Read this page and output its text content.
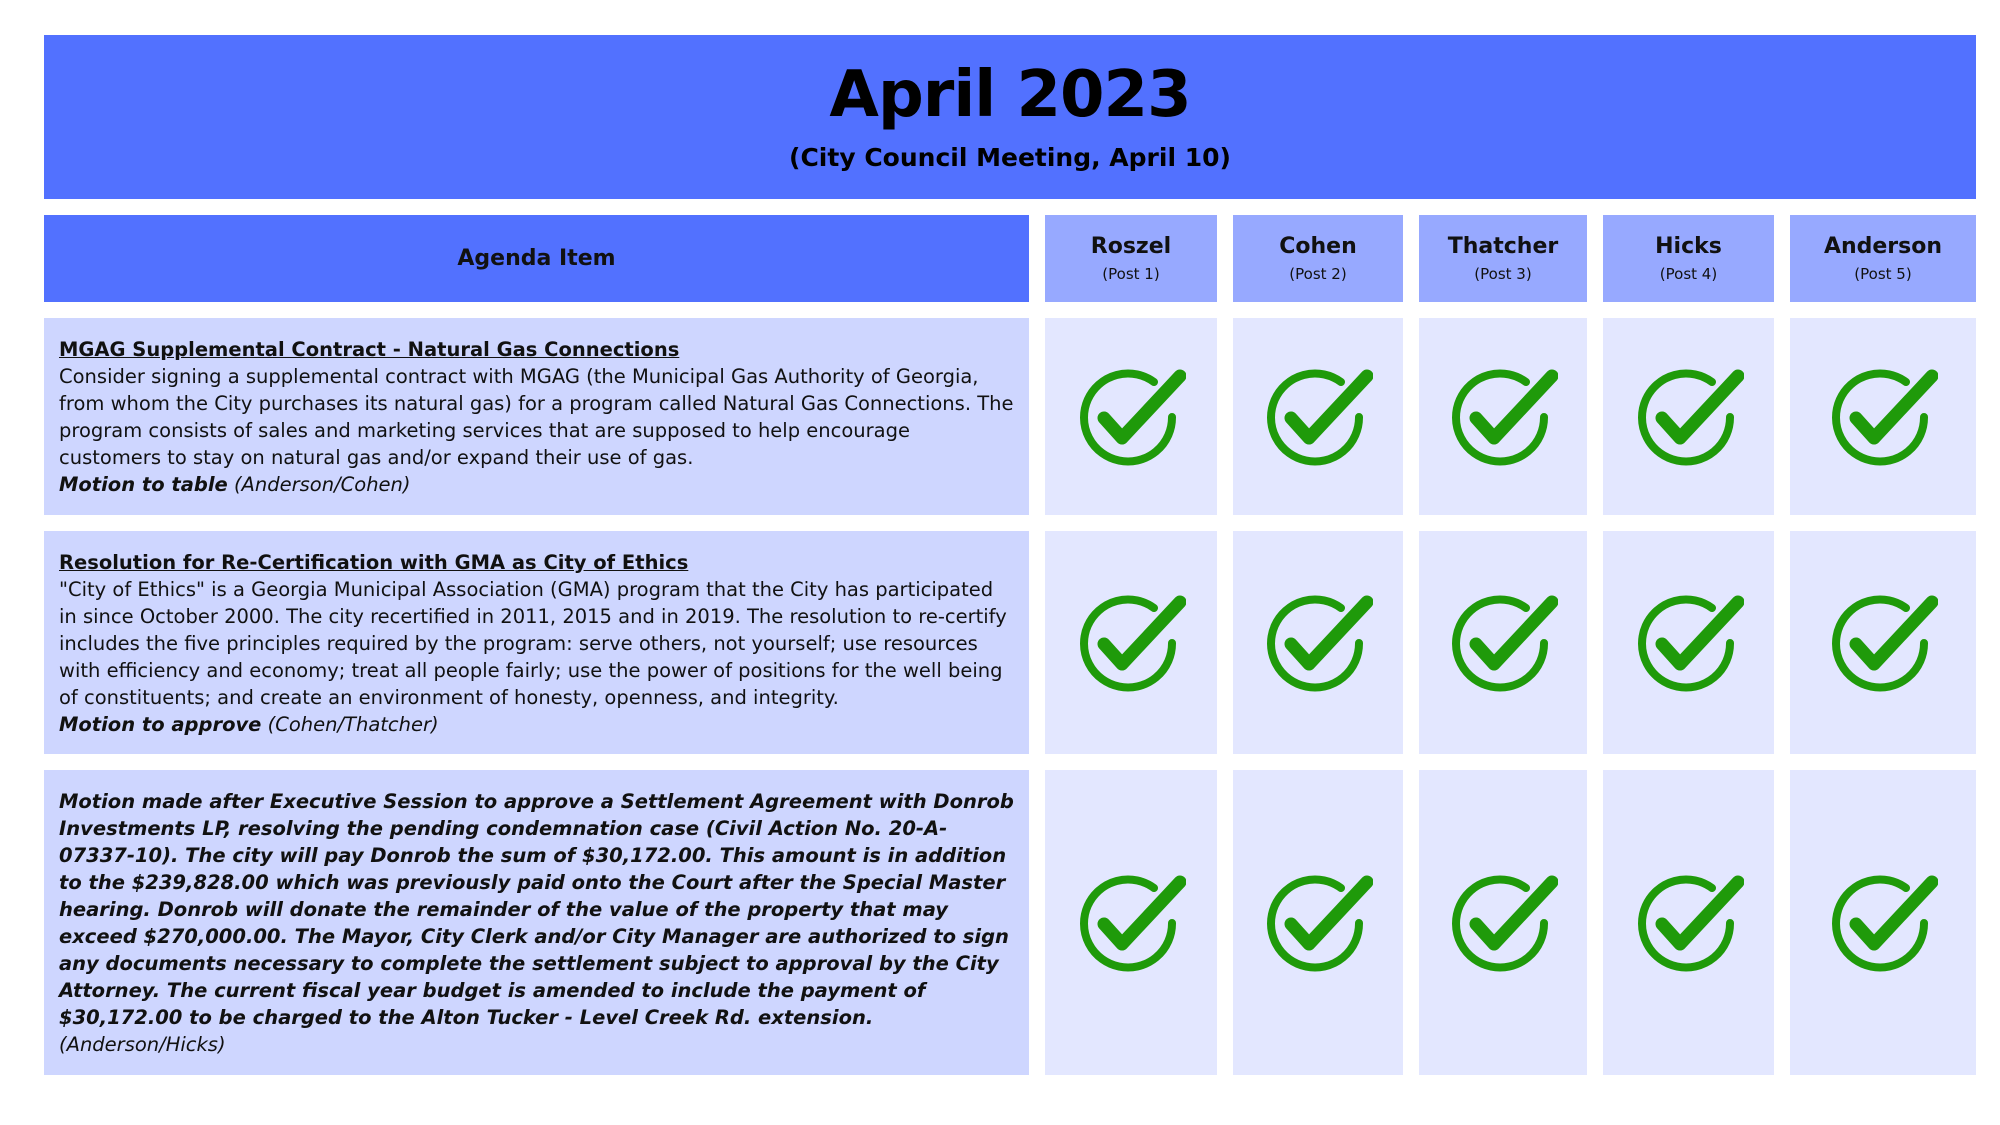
April 2023
(City Council Meeting, April 10)
Agenda Item	Roszel
(Post 1)
Cohen
(Post 2)
Thatcher
(Post 3)
Hicks
(Post 4)
Anderson
(Post 5)
MGAG Supplemental Contract - Natural Gas Connections
Consider signing a supplemental contract with MGAG (the Municipal Gas Authority of Georgia, from whom the City purchases its natural gas) for a program called Natural Gas Connections. The program consists of sales and marketing services that are supposed to help encourage customers to stay on natural gas and/or expand their use of gas.
Motion to table (Anderson/Cohen)
Resolution for Re-Certification with GMA as City of Ethics
"City of Ethics" is a Georgia Municipal Association (GMA) program that the City has participated in since October 2000. The city recertified in 2011, 2015 and in 2019. The resolution to re-certify includes the five principles required by the program: serve others, not yourself; use resources with efficiency and economy; treat all people fairly; use the power of positions for the well being of constituents; and create an environment of honesty, openness, and integrity.
Motion to approve (Cohen/Thatcher)
Motion made after Executive Session to approve a Settlement Agreement with Donrob Investments LP, resolving the pending condemnation case (Civil Action No. 20-A-07337-10). The city will pay Donrob the sum of $30,172.00. This amount is in addition to the $239,828.00 which was previously paid onto the Court after the Special Master hearing. Donrob will donate the remainder of the value of the property that may exceed $270,000.00. The Mayor, City Clerk and/or City Manager are authorized to sign any documents necessary to complete the settlement subject to approval by the City Attorney. The current fiscal year budget is amended to include the payment of $30,172.00 to be charged to the Alton Tucker - Level Creek Rd. extension.
(Anderson/Hicks)
